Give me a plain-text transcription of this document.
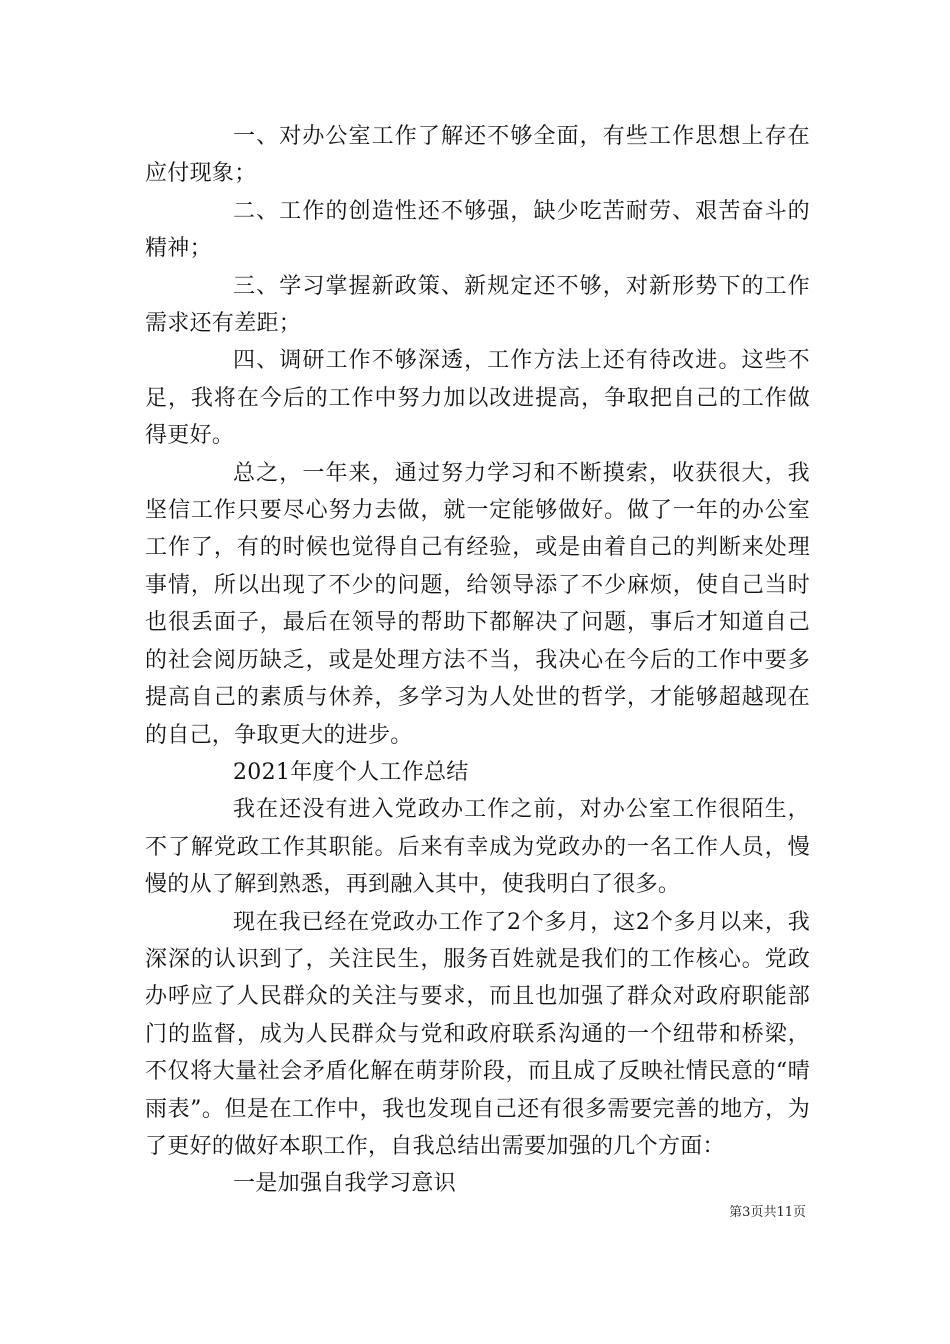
一、对办公室工作了解还不够全面，有些工作思想上存在应付现象；

二、工作的创造性还不够强，缺少吃苦耐劳、艰苦奋斗的精神；

三、学习掌握新政策、新规定还不够，对新形势下的工作需求还有差距；

四、调研工作不够深透，工作方法上还有待改进。这些不足，我将在今后的工作中努力加以改进提高，争取把自己的工作做得更好。

总之，一年来，通过努力学习和不断摸索，收获很大，我坚信工作只要尽心努力去做，就一定能够做好。做了一年的办公室工作了，有的时候也觉得自己有经验，或是由着自己的判断来处理事情，所以出现了不少的问题，给领导添了不少麻烦，使自己当时也很丢面子，最后在领导的帮助下都解决了问题，事后才知道自己的社会阅历缺乏，或是处理方法不当，我决心在今后的工作中要多提高自己的素质与休养，多学习为人处世的哲学，才能够超越现在的自己，争取更大的进步。

2021年度个人工作总结

我在还没有进入党政办工作之前，对办公室工作很陌生，不了解党政工作其职能。后来有幸成为党政办的一名工作人员，慢慢的从了解到熟悉，再到融入其中，使我明白了很多。

现在我已经在党政办工作了2个多月，这2个多月以来，我深深的认识到了，关注民生，服务百姓就是我们的工作核心。党政办呼应了人民群众的关注与要求，而且也加强了群众对政府职能部门的监督，成为人民群众与党和政府联系沟通的一个纽带和桥梁，不仅将大量社会矛盾化解在萌芽阶段，而且成了反映社情民意的“晴雨表”。但是在工作中，我也发现自己还有很多需要完善的地方，为了更好的做好本职工作，自我总结出需要加强的几个方面：

一是加强自我学习意识

第3页共11页
